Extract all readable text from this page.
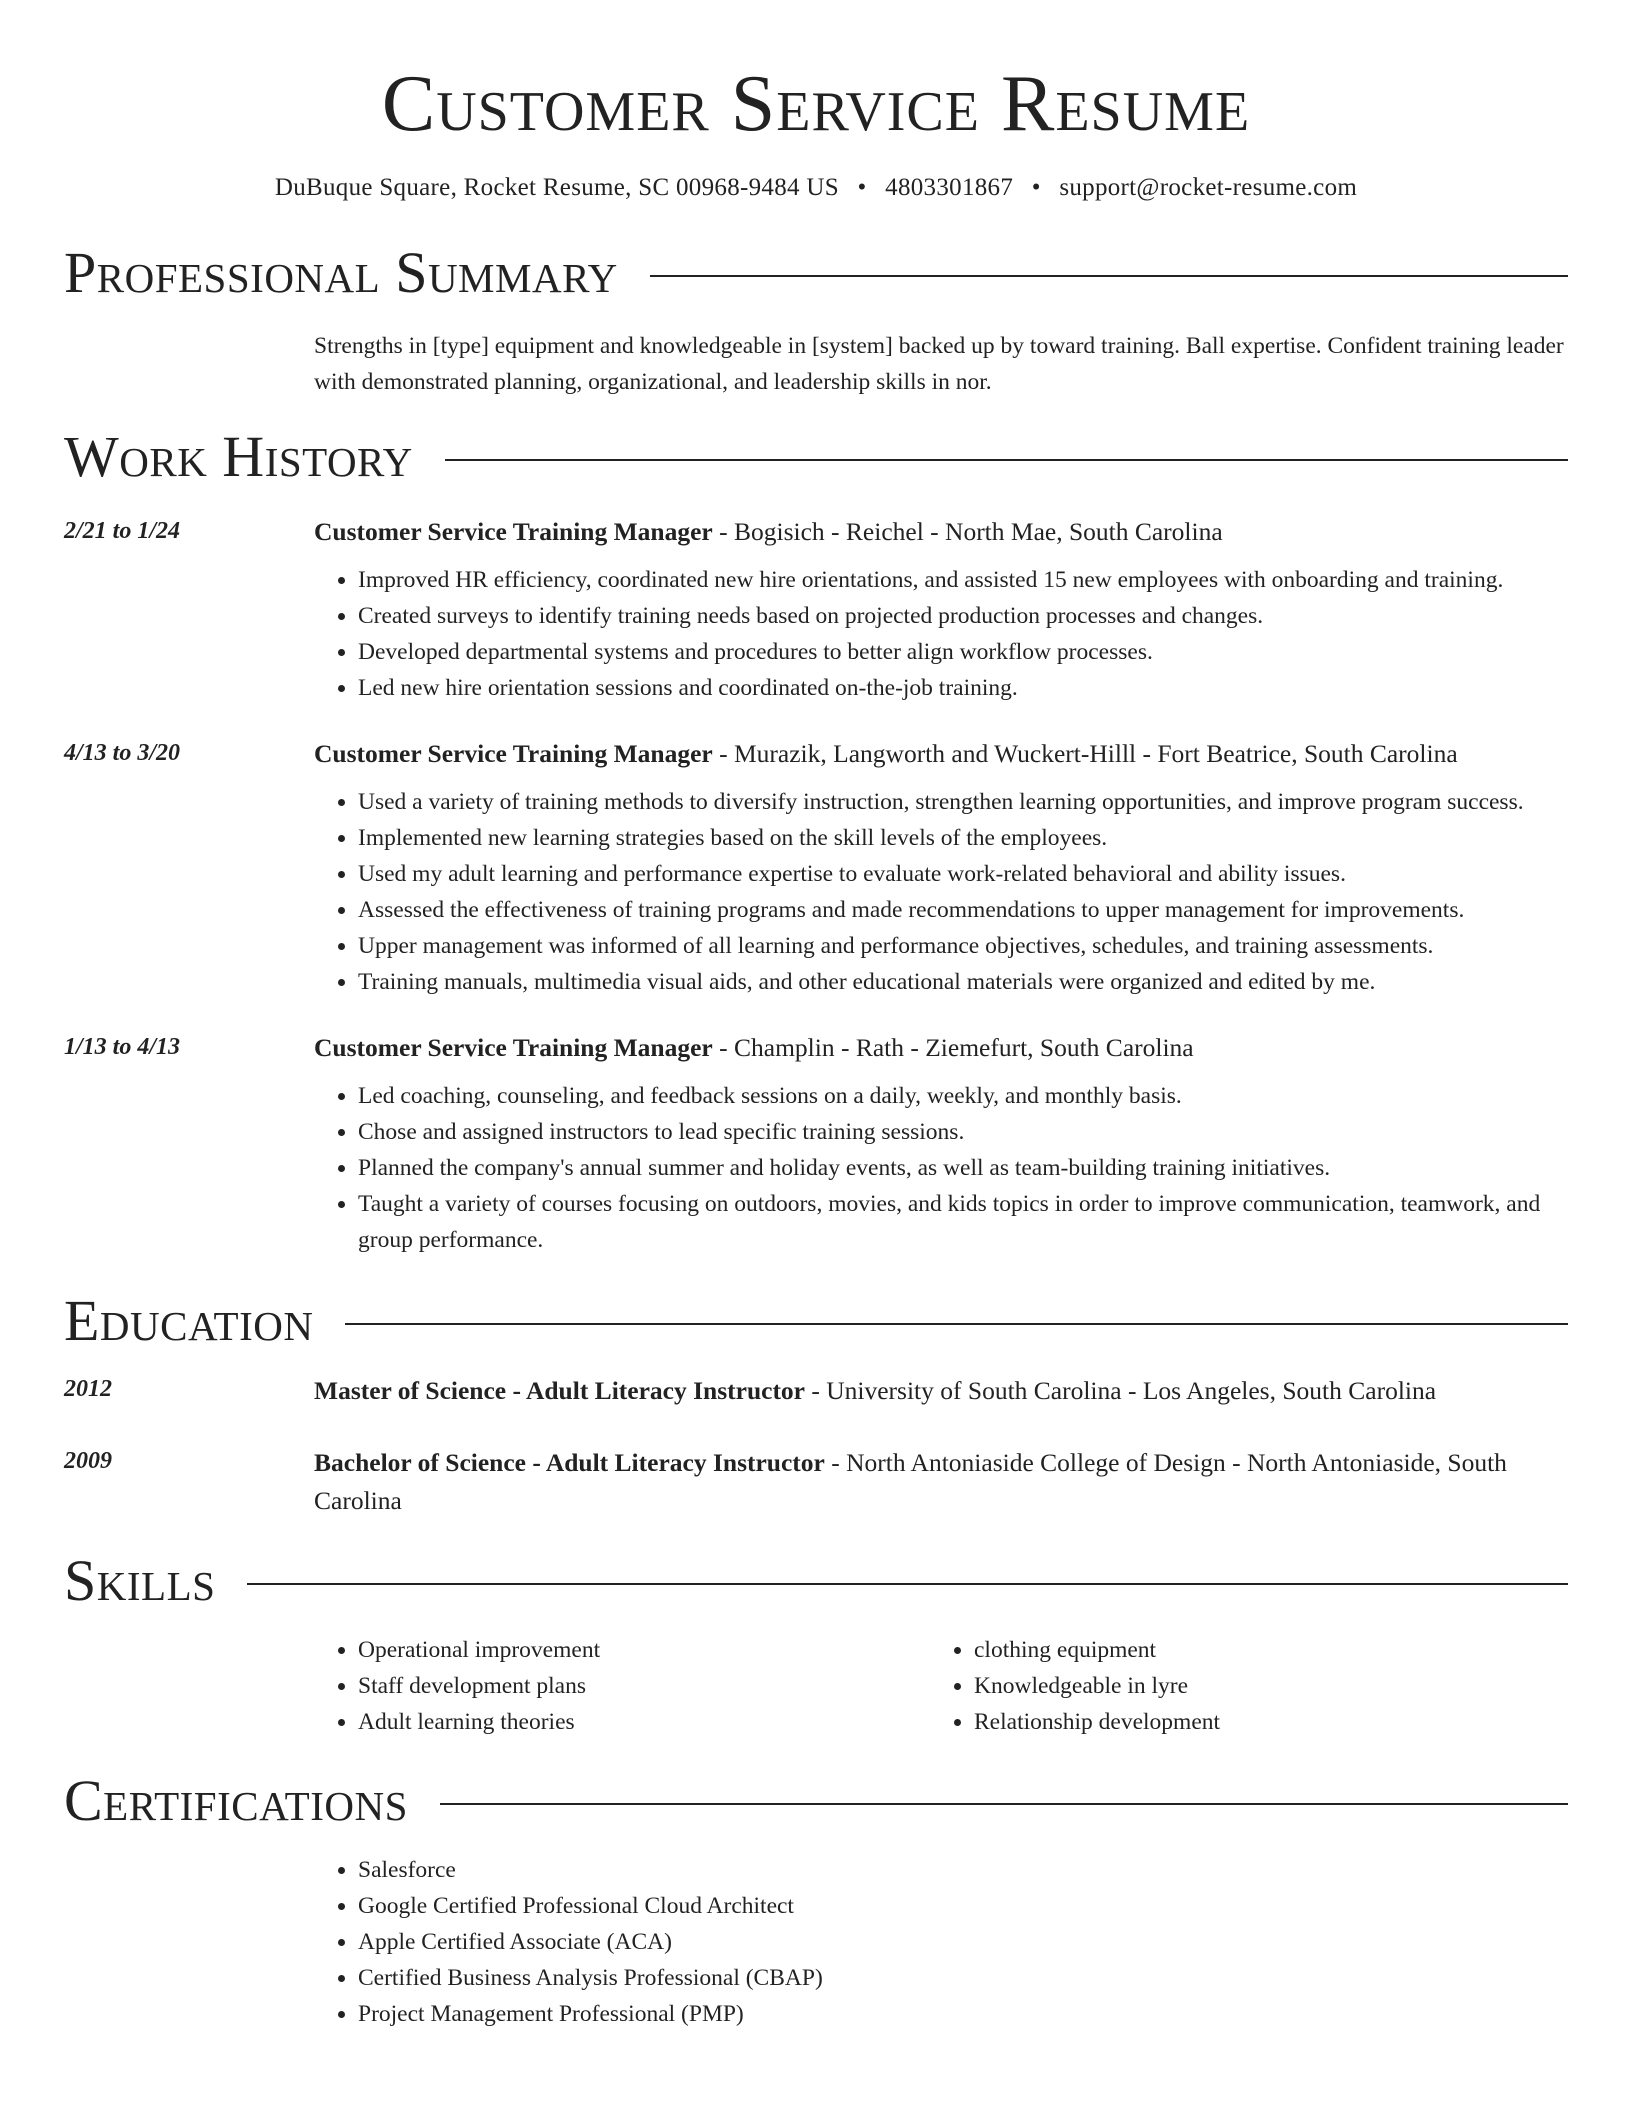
Customer Service Resume
DuBuque Square, Rocket Resume, SC 00968-9484 US • 4803301867 • support@rocket-resume.com
Professional Summary
Strengths in [type] equipment and knowledgeable in [system] backed up by toward training. Ball expertise. Confident training leader with demonstrated planning, organizational, and leadership skills in nor.
Work History
2/21 to 1/24	Customer Service Training Manager - Bogisich - Reichel - North Mae, South Carolina
• Improved HR efficiency, coordinated new hire orientations, and assisted 15 new employees with onboarding and training.
• Created surveys to identify training needs based on projected production processes and changes.
• Developed departmental systems and procedures to better align workflow processes.
• Led new hire orientation sessions and coordinated on-the-job training.
4/13 to 3/20	Customer Service Training Manager - Murazik, Langworth and Wuckert-Hilll - Fort Beatrice, South Carolina
• Used a variety of training methods to diversify instruction, strengthen learning opportunities, and improve program success.
• Implemented new learning strategies based on the skill levels of the employees.
• Used my adult learning and performance expertise to evaluate work-related behavioral and ability issues.
• Assessed the effectiveness of training programs and made recommendations to upper management for improvements.
• Upper management was informed of all learning and performance objectives, schedules, and training assessments.
• Training manuals, multimedia visual aids, and other educational materials were organized and edited by me.
1/13 to 4/13	Customer Service Training Manager - Champlin - Rath - Ziemefurt, South Carolina
• Led coaching, counseling, and feedback sessions on a daily, weekly, and monthly basis.
• Chose and assigned instructors to lead specific training sessions.
• Planned the company's annual summer and holiday events, as well as team-building training initiatives.
• Taught a variety of courses focusing on outdoors, movies, and kids topics in order to improve communication, teamwork, and group performance.
Education
2012	Master of Science - Adult Literacy Instructor - University of South Carolina - Los Angeles, South Carolina
2009	Bachelor of Science - Adult Literacy Instructor - North Antoniaside College of Design - North Antoniaside, South Carolina
Skills
• Operational improvement
• Staff development plans
• Adult learning theories
• clothing equipment
• Knowledgeable in lyre
• Relationship development
Certifications
• Salesforce
• Google Certified Professional Cloud Architect
• Apple Certified Associate (ACA)
• Certified Business Analysis Professional (CBAP)
• Project Management Professional (PMP)
